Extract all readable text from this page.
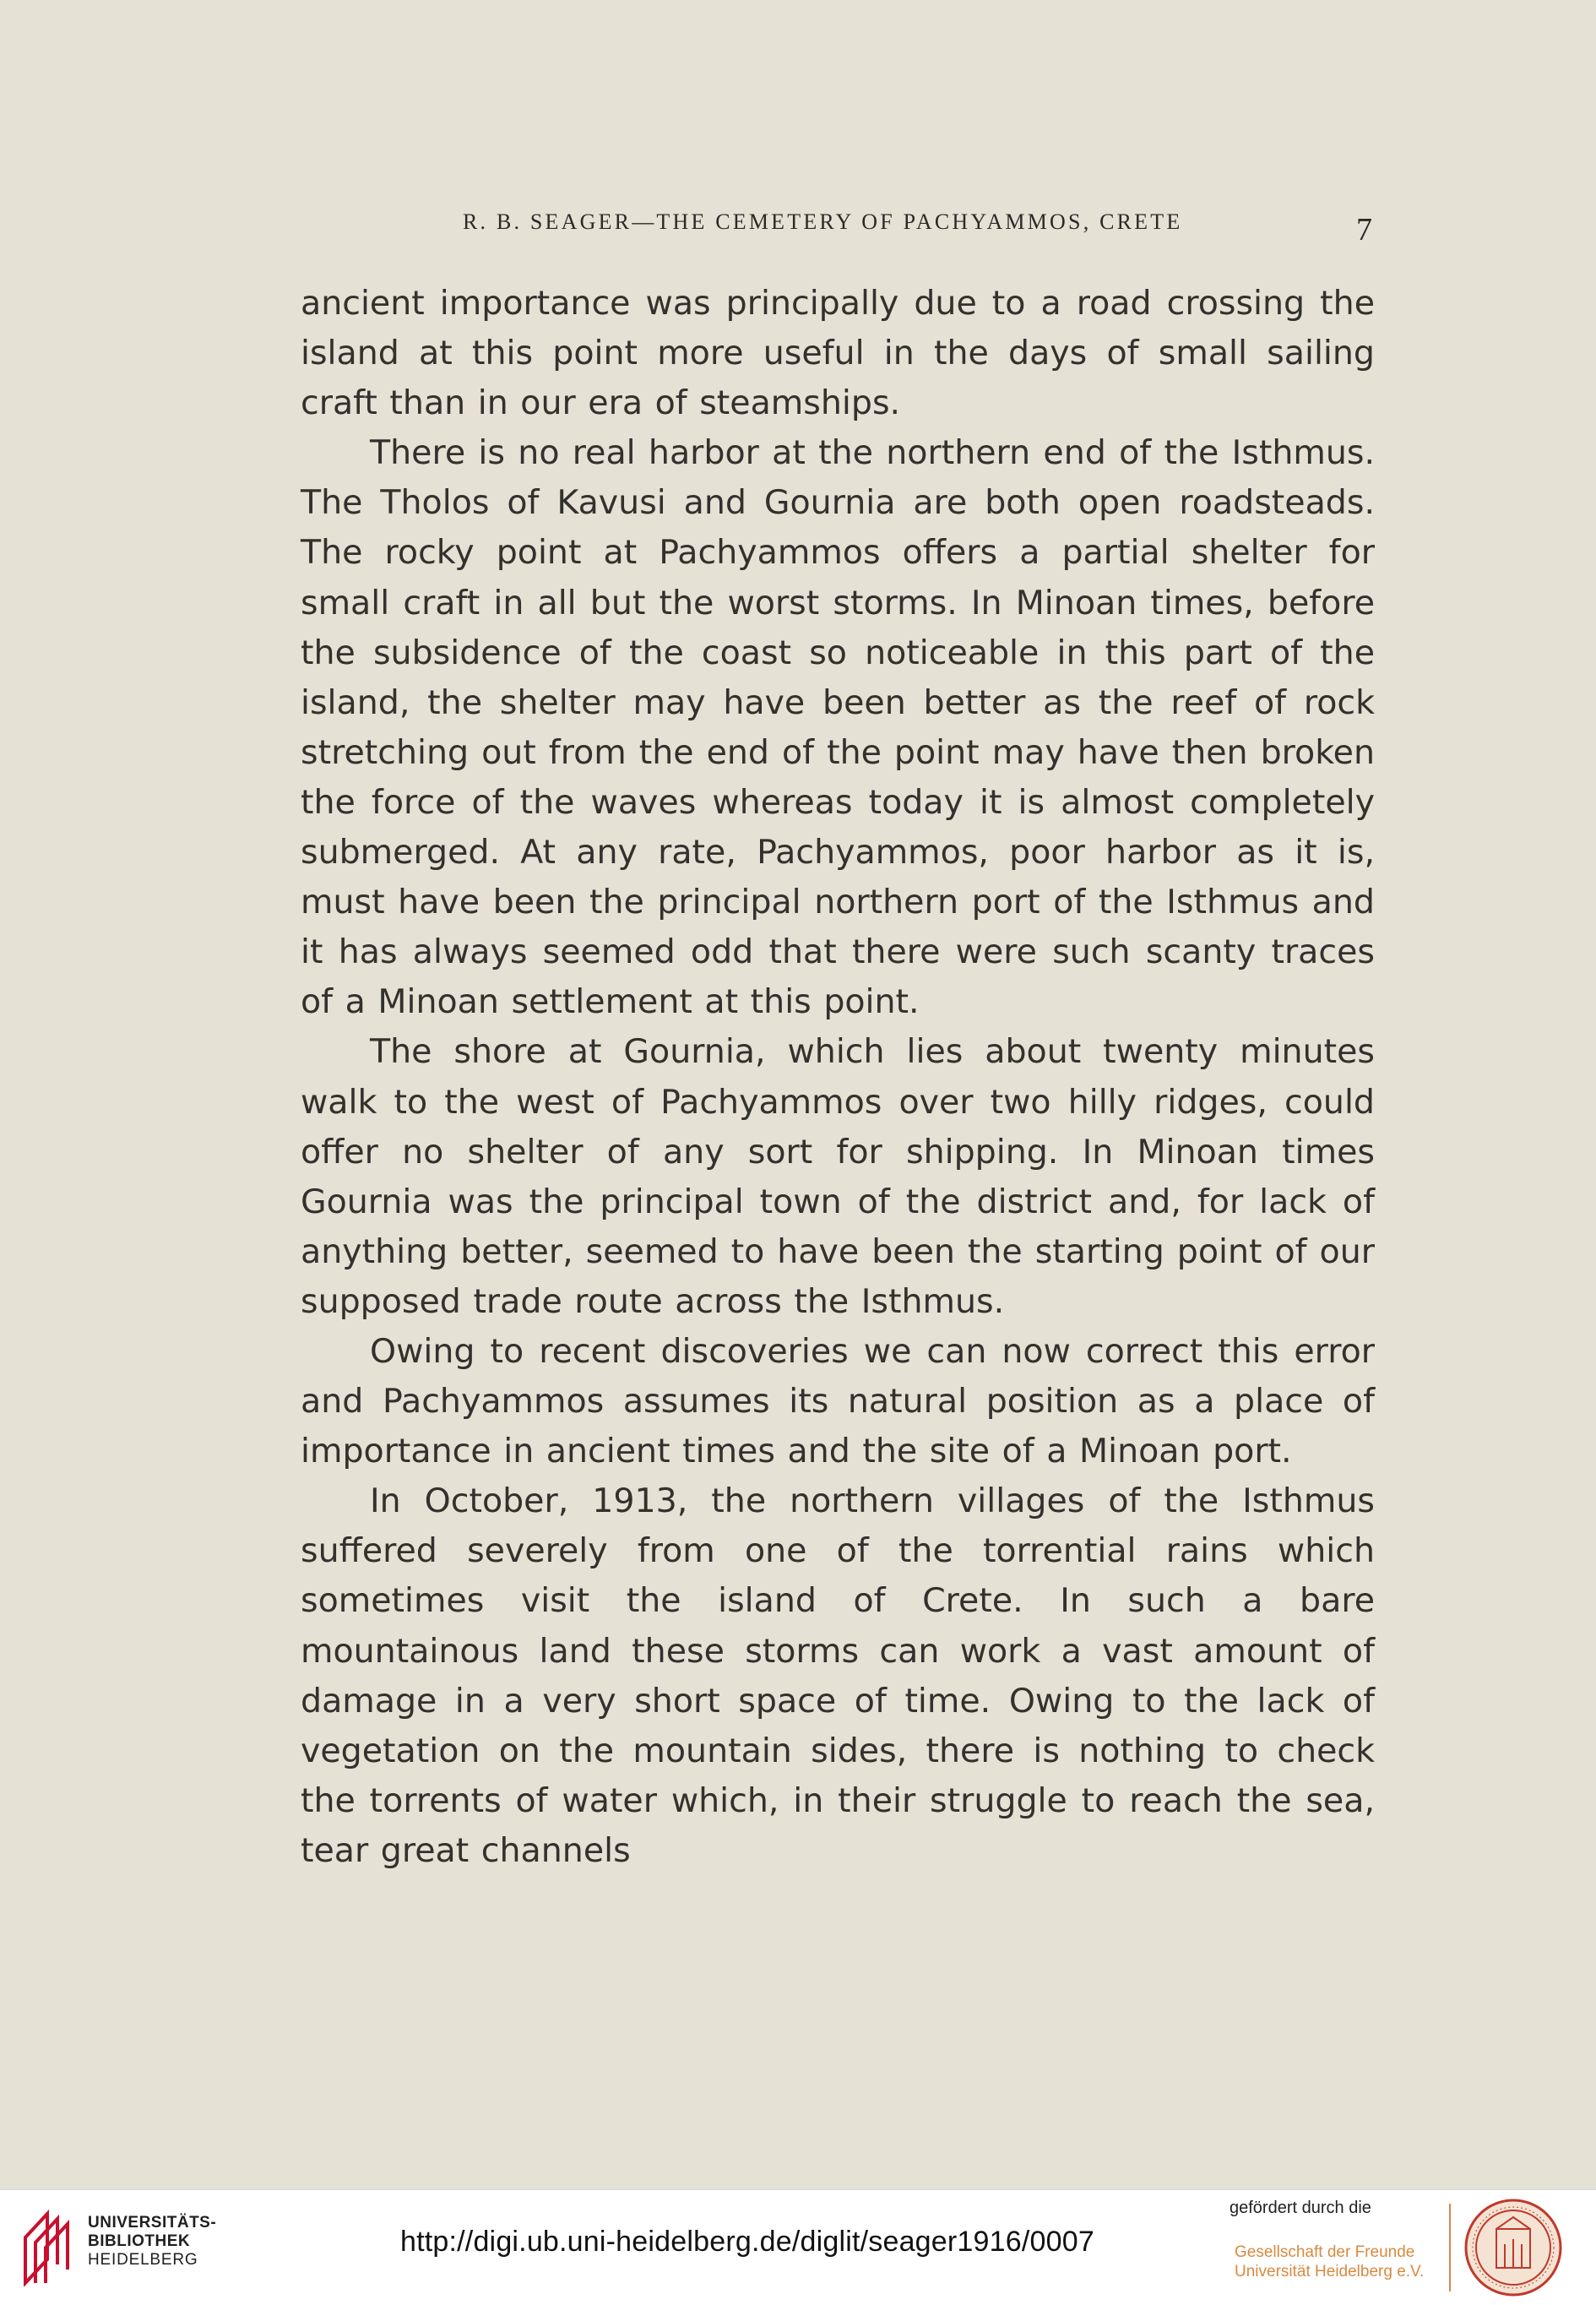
R. B. SEAGER—THE CEMETERY OF PACHYAMMOS, CRETE	7

ancient importance was principally due to a road crossing the island at this point more useful in the days of small sailing craft than in our era of steamships.

There is no real harbor at the northern end of the Isthmus. The Tholos of Kavusi and Gournia are both open roadsteads. The rocky point at Pachyammos offers a partial shelter for small craft in all but the worst storms. In Minoan times, before the subsidence of the coast so noticeable in this part of the island, the shelter may have been better as the reef of rock stretching out from the end of the point may have then broken the force of the waves whereas today it is almost completely submerged. At any rate, Pachyammos, poor harbor as it is, must have been the principal northern port of the Isthmus and it has always seemed odd that there were such scanty traces of a Minoan settlement at this point.

The shore at Gournia, which lies about twenty minutes walk to the west of Pachyammos over two hilly ridges, could offer no shelter of any sort for shipping. In Minoan times Gournia was the principal town of the district and, for lack of anything better, seemed to have been the starting point of our supposed trade route across the Isthmus.

Owing to recent discoveries we can now correct this error and Pachyammos assumes its natural position as a place of importance in ancient times and the site of a Minoan port.

In October, 1913, the northern villages of the Isthmus suffered severely from one of the torrential rains which sometimes visit the island of Crete. In such a bare mountainous land these storms can work a vast amount of damage in a very short space of time. Owing to the lack of vegetation on the mountain sides, there is nothing to check the torrents of water which, in their struggle to reach the sea, tear great channels

UNIVERSITÄTS-
BIBLIOTHEK
HEIDELBERG
http://digi.ub.uni-heidelberg.de/diglit/seager1916/0007
gefördert durch die
Gesellschaft der Freunde
Universität Heidelberg e.V.
